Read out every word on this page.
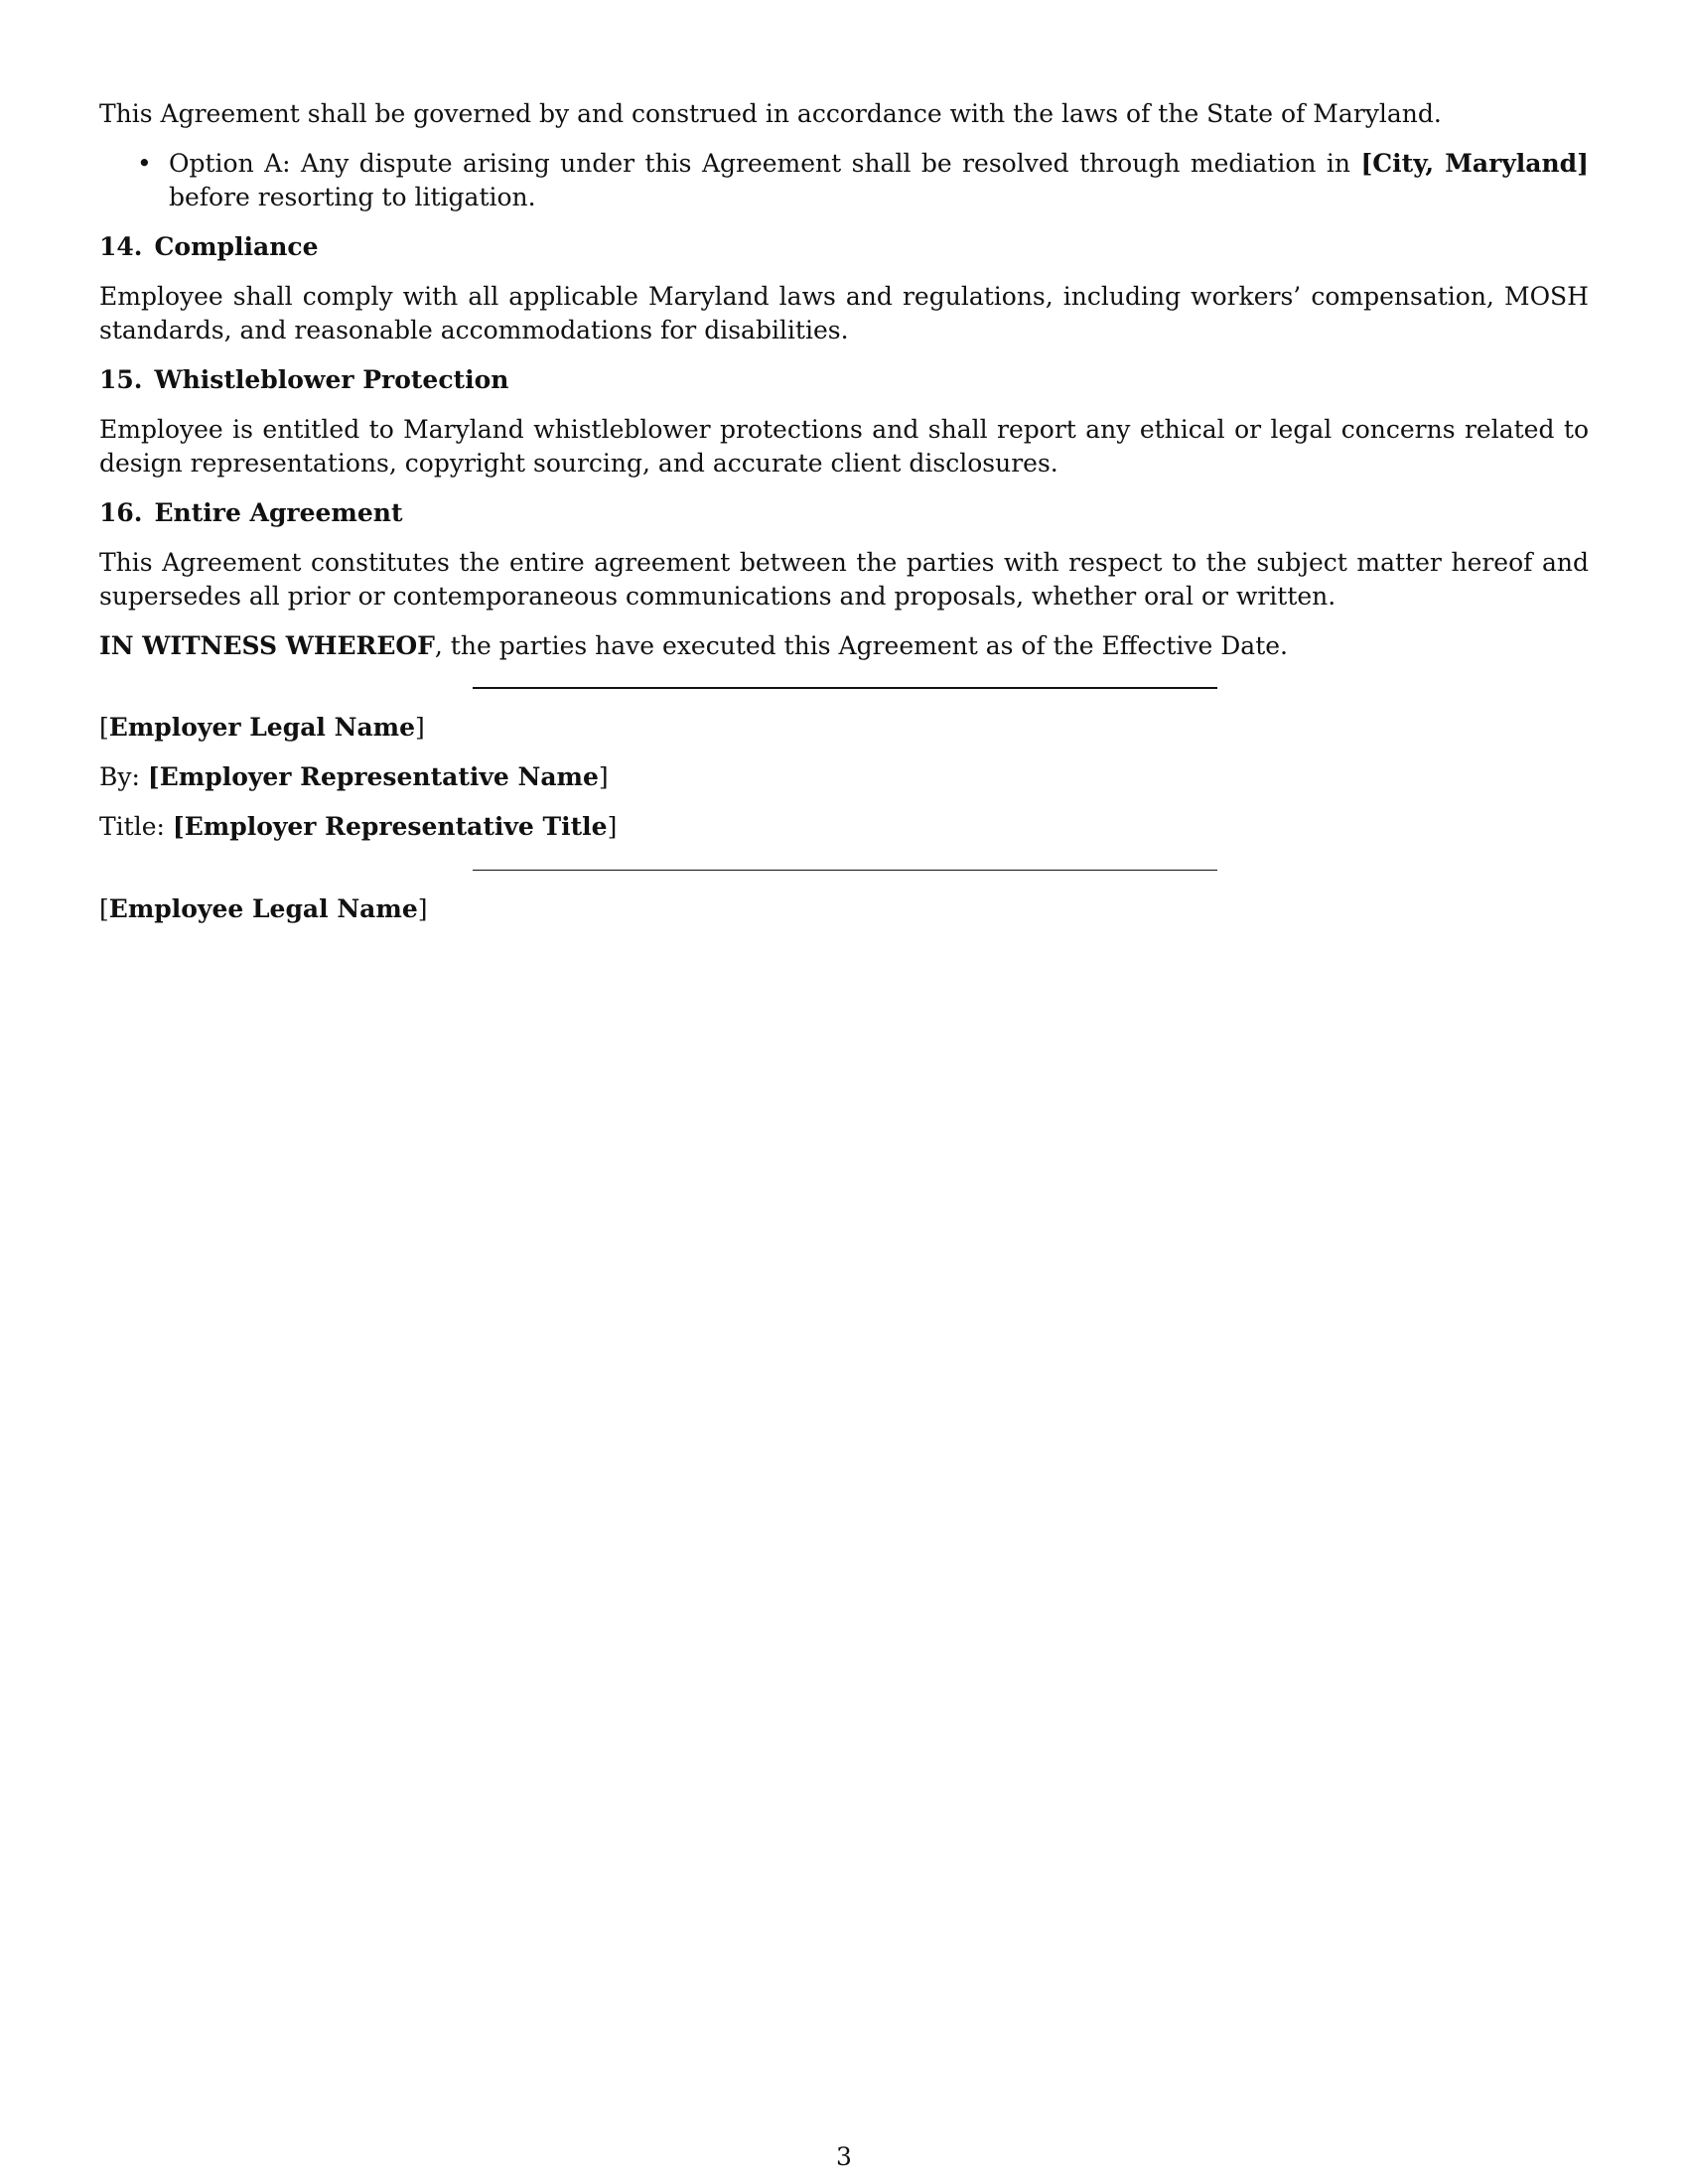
This Agreement shall be governed by and construed in accordance with the laws of the State of Maryland.

• Option A: Any dispute arising under this Agreement shall be resolved through mediation in [City, Maryland] before resorting to litigation.
14. Compliance

Employee shall comply with all applicable Maryland laws and regulations, including workers’ compensation, MOSH standards, and reasonable accommodations for disabilities.

15. Whistleblower Protection

Employee is entitled to Maryland whistleblower protections and shall report any ethical or legal concerns related to design representations, copyright sourcing, and accurate client disclosures.

16. Entire Agreement

This Agreement constitutes the entire agreement between the parties with respect to the subject matter hereof and supersedes all prior or contemporaneous communications and proposals, whether oral or written.

IN WITNESS WHEREOF, the parties have executed this Agreement as of the Effective Date.

[Employer Legal Name]

By: [Employer Representative Name]

Title: [Employer Representative Title]

[Employee Legal Name]

3
